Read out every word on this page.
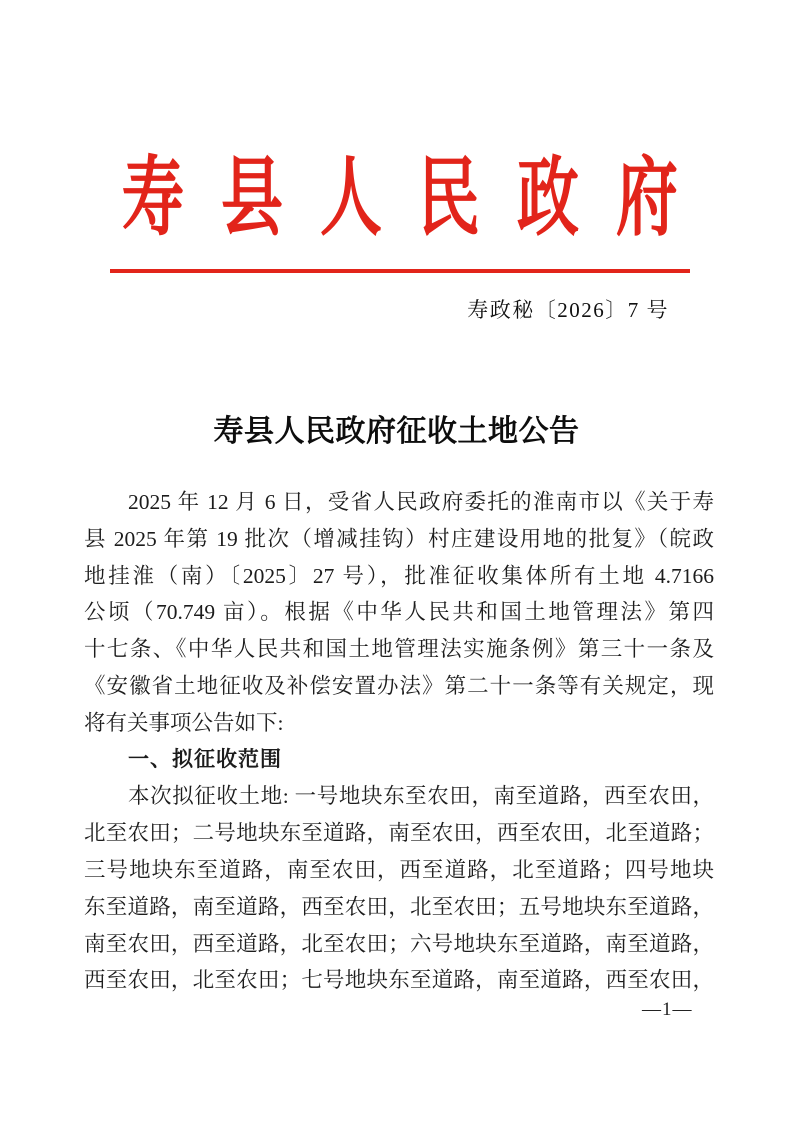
寿 县 人 民 政 府
寿政秘〔2026〕7 号
寿县人民政府征收土地公告
2025 年 12 月 6 日，受省人民政府委托的淮南市以《关于寿
县 2025 年第 19 批次（增减挂钩）村庄建设用地的批复》（皖政
地挂淮（南）〔2025〕27 号），批准征收集体所有土地 4.7166
公顷（70.749 亩）。根据《中华人民共和国土地管理法》第四
十七条、《中华人民共和国土地管理法实施条例》第三十一条及
《安徽省土地征收及补偿安置办法》第二十一条等有关规定，现
将有关事项公告如下:
一、拟征收范围
本次拟征收土地: 一号地块东至农田，南至道路，西至农田，
北至农田；二号地块东至道路，南至农田，西至农田，北至道路；
三号地块东至道路，南至农田，西至道路，北至道路；四号地块
东至道路，南至道路，西至农田，北至农田；五号地块东至道路，
南至农田，西至道路，北至农田；六号地块东至道路，南至道路，
西至农田，北至农田；七号地块东至道路，南至道路，西至农田，
—1—
